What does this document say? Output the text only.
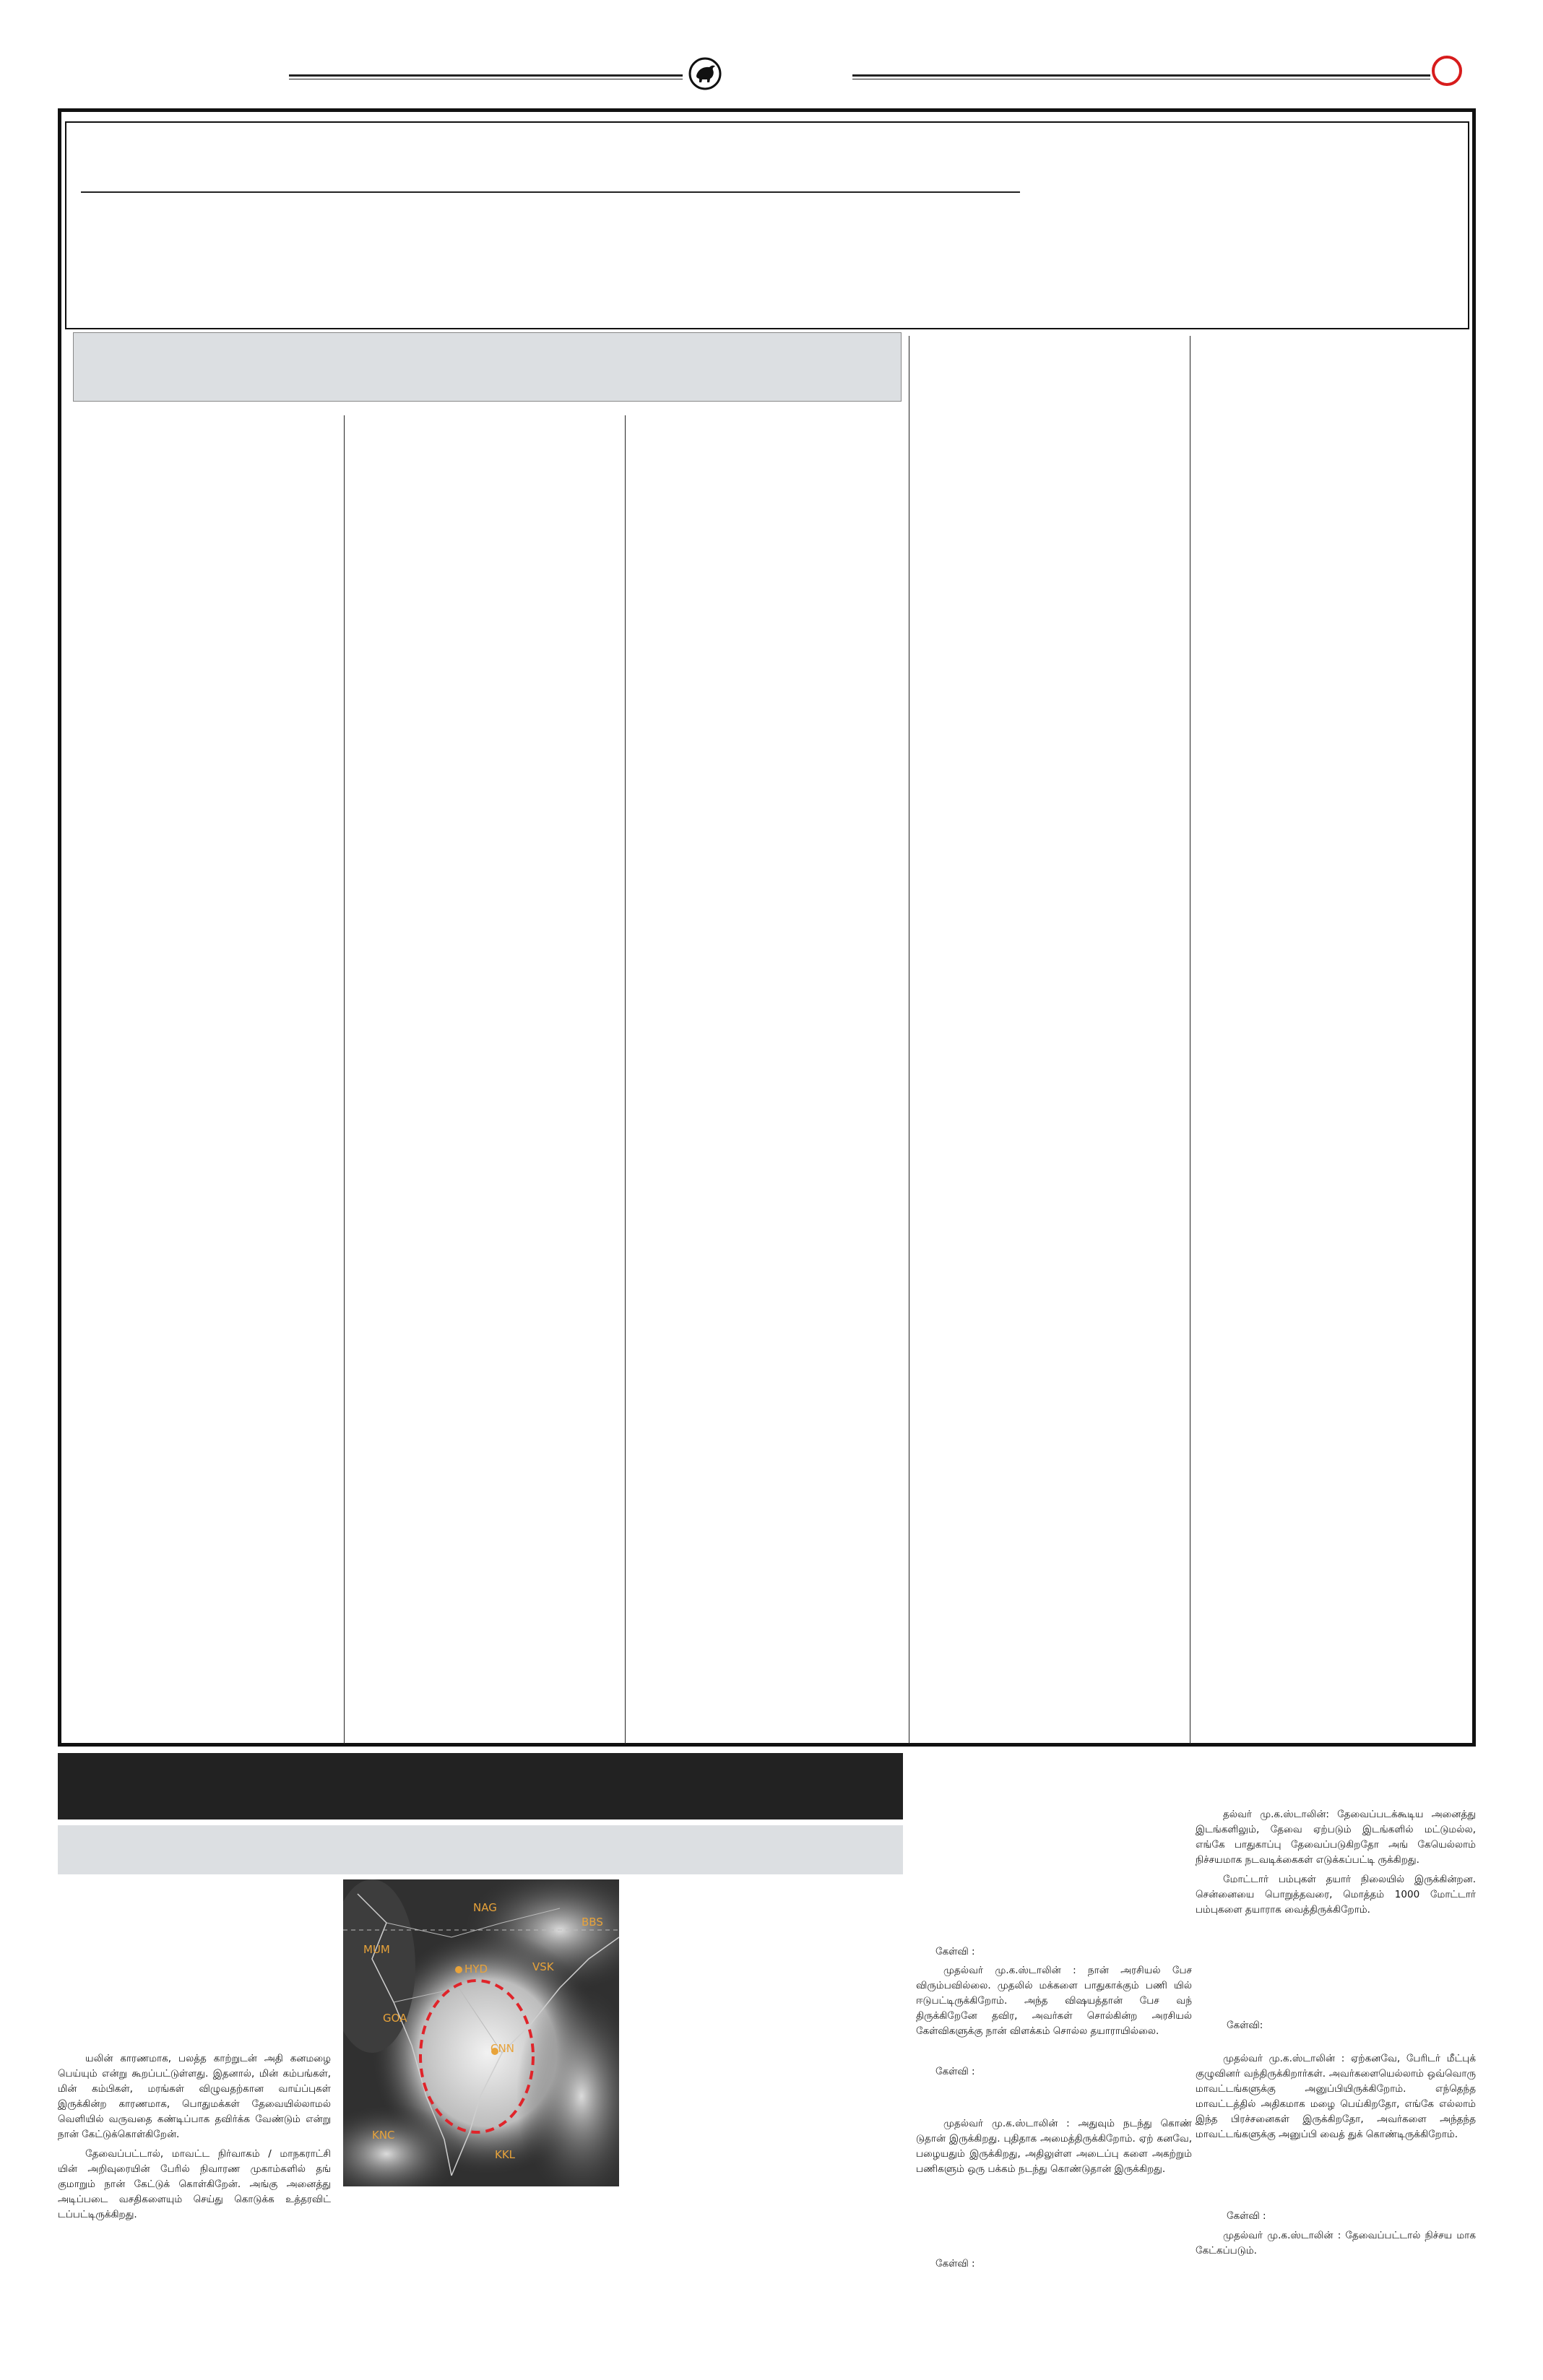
NAG
BBS
MUM
HYD	VSK
GOA
CNN
KNC
KKL

யலின் காரணமாக, பலத்த காற்றுடன் அதி கனமழை பெய்யும் என்று கூறப்பட்டுள்ளது. இதனால், மின் கம்பங்கள், மின் கம்பிகள், மரங்கள் விழுவதற்கான வாய்ப்புகள் இருக்கின்ற காரணமாக, பொதுமக்கள் தேவையில்லாமல் வெளியில் வருவதை கண்டிப்பாக தவிர்க்க வேண்டும் என்று நான் கேட்டுக்கொள்கிறேன்.

தேவைப்பட்டால், மாவட்ட நிர்வாகம் / மாநகராட்சி யின் அறிவுரையின் பேரில் நிவாரண முகாம்களில் தங் குமாறும் நான் கேட்டுக் கொள்கிறேன். அங்கு அனைத்து அடிப்படை வசதிகளையும் செய்து கொடுக்க உத்தரவிட் டப்பட்டிருக்கிறது.

கேள்வி :

முதல்வர் மு.க.ஸ்டாலின் : நான் அரசியல் பேச விரும்பவில்லை. முதலில் மக்களை பாதுகாக்கும் பணி யில் ஈடுபட்டிருக்கிறோம். அந்த விஷயத்தான் பேச வந் திருக்கிறேனே தவிர, அவர்கள் சொல்கின்ற அரசியல் கேள்விகளுக்கு நான் விளக்கம் சொல்ல தயாராயில்லை.

கேள்வி :

முதல்வர் மு.க.ஸ்டாலின் : அதுவும் நடந்து கொண் டுதான் இருக்கிறது. புதிதாக அமைத்திருக்கிறோம். ஏற் கனவே, பழையதும் இருக்கிறது, அதிலுள்ள அடைப்பு களை அகற்றும் பணிகளும் ஒரு பக்கம் நடந்து கொண்டுதான் இருக்கிறது.

கேள்வி :

தல்வர் மு.க.ஸ்டாலின்: தேவைப்படக்கூடிய அனைத்து இடங்களிலும், தேவை ஏற்படும் இடங்களில் மட்டுமல்ல, எங்கே பாதுகாப்பு தேவைப்படுகிறதோ அங் கேயெல்லாம் நிச்சயமாக நடவடிக்கைகள் எடுக்கப்பட்டி ருக்கிறது.

மோட்டார் பம்புகள் தயார் நிலையில் இருக்கின்றன. சென்னையை பொறுத்தவரை, மொத்தம் 1000 மோட்டார் பம்புகளை தயாராக வைத்திருக்கிறோம்.

கேள்வி:

முதல்வர் மு.க.ஸ்டாலின் : ஏற்கனவே, பேரிடர் மீட்புக் குழுவினர் வந்திருக்கிறார்கள். அவர்களையெல்லாம் ஒவ்வொரு மாவட்டங்களுக்கு அனுப்பியிருக்கிறோம். எந்தெந்த மாவட்டத்தில் அதிகமாக மழை பெய்கிறதோ, எங்கே எல்லாம் இந்த பிரச்சனைகள் இருக்கிறதோ, அவர்களை அந்தந்த மாவட்டங்களுக்கு அனுப்பி வைத் துக் கொண்டிருக்கிறோம்.

கேள்வி :

முதல்வர் மு.க.ஸ்டாலின் : தேவைப்பட்டால் நிச்சய மாக கேட்கப்படும்.
